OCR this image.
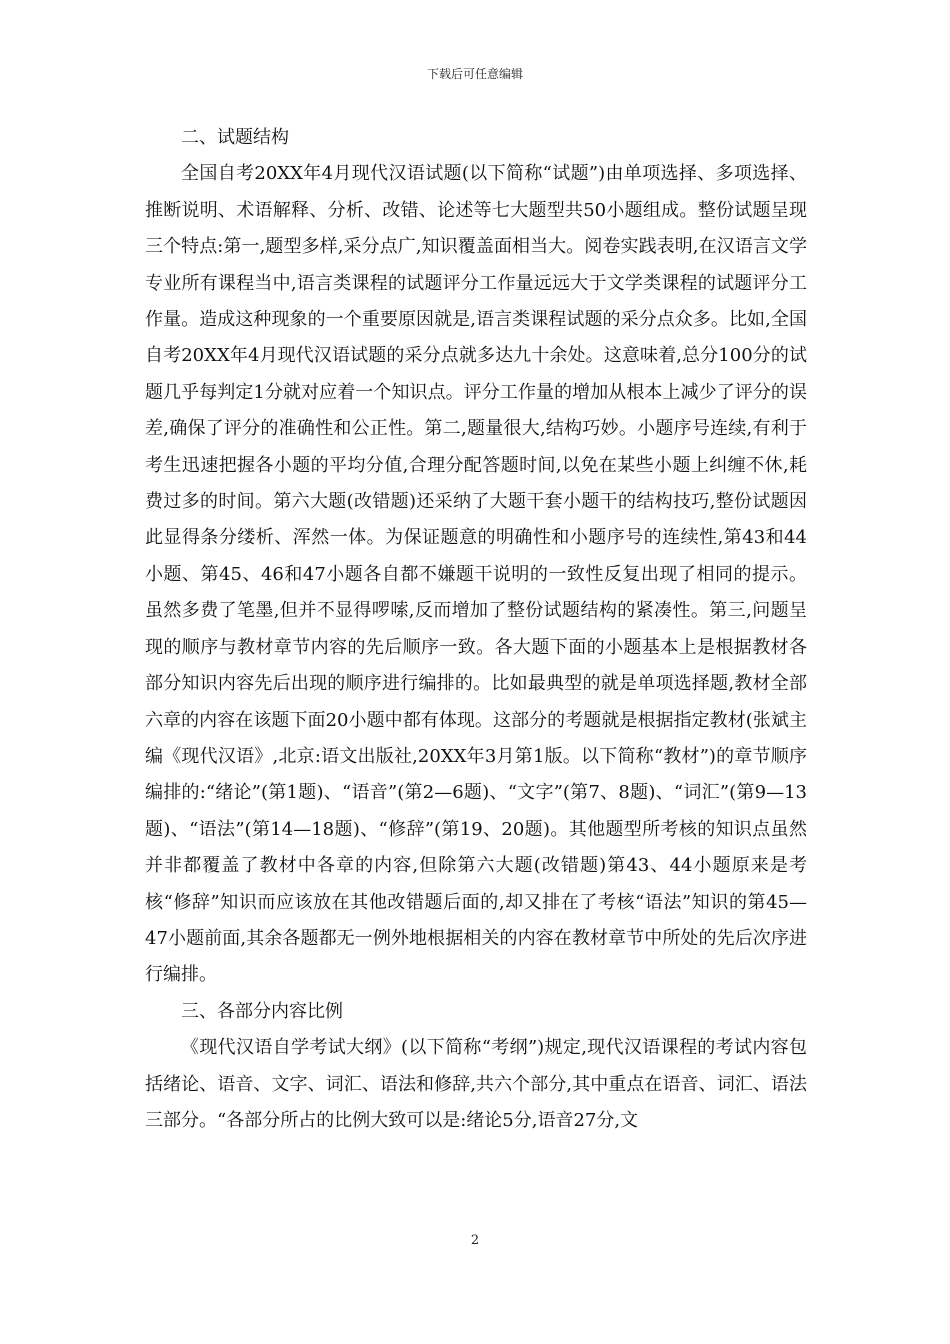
下载后可任意编辑

二、试题结构

全国自考20XX年4月现代汉语试题(以下简称“试题”)由单项选择、多项选择、推断说明、术语解释、分析、改错、论述等七大题型共50小题组成。整份试题呈现三个特点:第一,题型多样,采分点广,知识覆盖面相当大。阅卷实践表明,在汉语言文学专业所有课程当中,语言类课程的试题评分工作量远远大于文学类课程的试题评分工作量。造成这种现象的一个重要原因就是,语言类课程试题的采分点众多。比如,全国自考20XX年4月现代汉语试题的采分点就多达九十余处。这意味着,总分100分的试题几乎每判定1分就对应着一个知识点。评分工作量的增加从根本上减少了评分的误差,确保了评分的准确性和公正性。第二,题量很大,结构巧妙。小题序号连续,有利于考生迅速把握各小题的平均分值,合理分配答题时间,以免在某些小题上纠缠不休,耗费过多的时间。第六大题(改错题)还采纳了大题干套小题干的结构技巧,整份试题因此显得条分缕析、浑然一体。为保证题意的明确性和小题序号的连续性,第43和44小题、第45、46和47小题各自都不嫌题干说明的一致性反复出现了相同的提示。虽然多费了笔墨,但并不显得啰嗦,反而增加了整份试题结构的紧凑性。第三,问题呈现的顺序与教材章节内容的先后顺序一致。各大题下面的小题基本上是根据教材各部分知识内容先后出现的顺序进行编排的。比如最典型的就是单项选择题,教材全部六章的内容在该题下面20小题中都有体现。这部分的考题就是根据指定教材(张斌主编《现代汉语》,北京:语文出版社,20XX年3月第1版。以下简称“教材”)的章节顺序编排的:“绪论”(第1题)、“语音”(第2—6题)、“文字”(第7、8题)、“词汇”(第9—13题)、“语法”(第14—18题)、“修辞”(第19、20题)。其他题型所考核的知识点虽然并非都覆盖了教材中各章的内容,但除第六大题(改错题)第43、44小题原来是考核“修辞”知识而应该放在其他改错题后面的,却又排在了考核“语法”知识的第45—47小题前面,其余各题都无一例外地根据相关的内容在教材章节中所处的先后次序进行编排。

三、各部分内容比例

《现代汉语自学考试大纲》(以下简称“考纲”)规定,现代汉语课程的考试内容包括绪论、语音、文字、词汇、语法和修辞,共六个部分,其中重点在语音、词汇、语法三部分。“各部分所占的比例大致可以是:绪论5分,语音27分,文

2
